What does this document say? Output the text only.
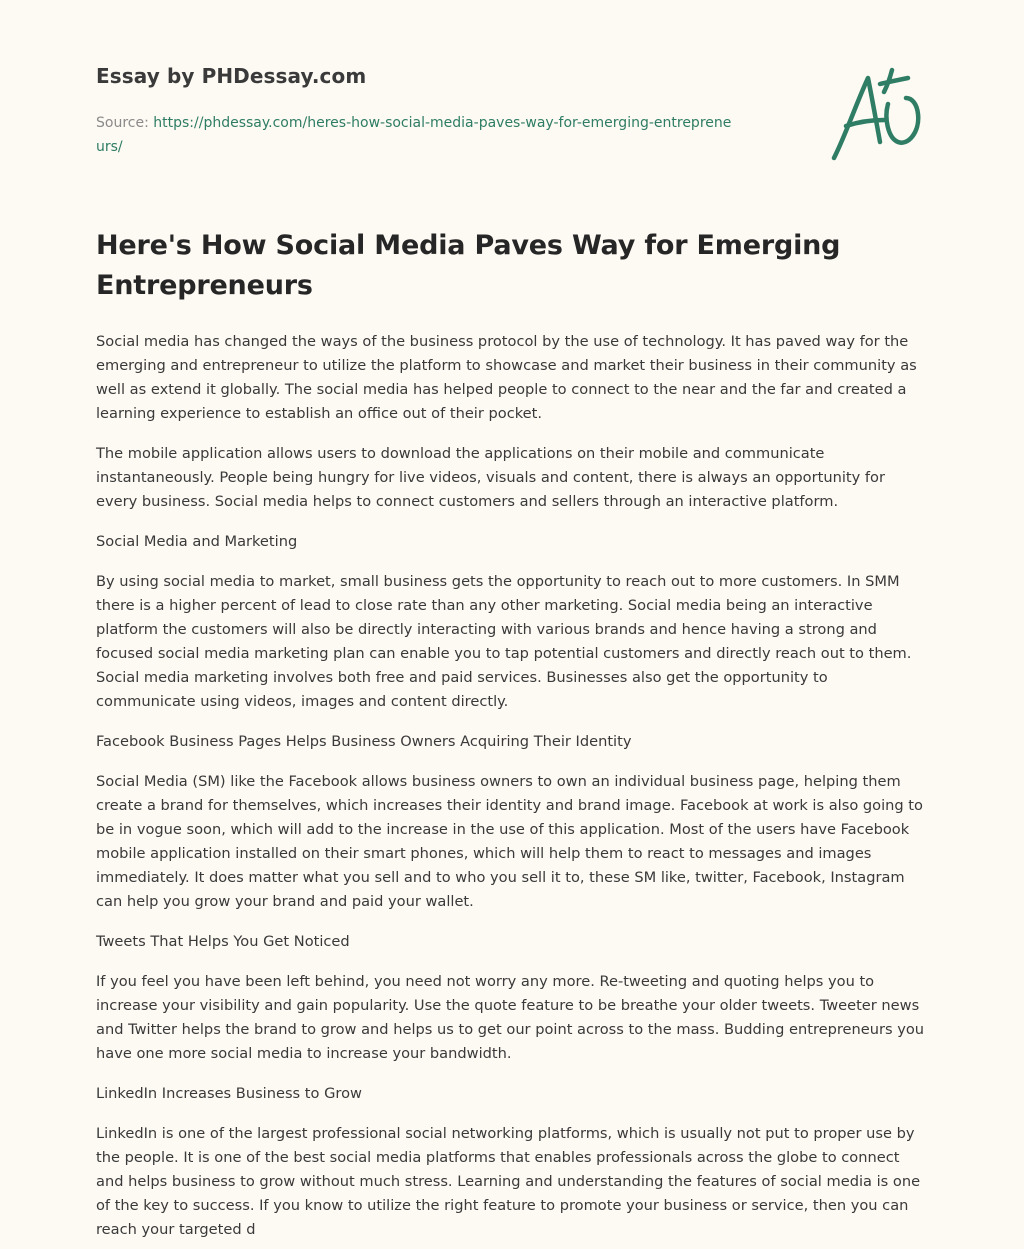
Essay by PHDessay.com
Source: https://phdessay.com/heres-how-social-media-paves-way-for-emerging-entrepreneurs/
Here's How Social Media Paves Way for Emerging Entrepreneurs

Social media has changed the ways of the business protocol by the use of technology. It has paved way for the emerging and entrepreneur to utilize the platform to showcase and market their business in their community as well as extend it globally. The social media has helped people to connect to the near and the far and created a learning experience to establish an office out of their pocket.

The mobile application allows users to download the applications on their mobile and communicate instantaneously. People being hungry for live videos, visuals and content, there is always an opportunity for every business. Social media helps to connect customers and sellers through an interactive platform.

Social Media and Marketing

By using social media to market, small business gets the opportunity to reach out to more customers. In SMM there is a higher percent of lead to close rate than any other marketing. Social media being an interactive platform the customers will also be directly interacting with various brands and hence having a strong and focused social media marketing plan can enable you to tap potential customers and directly reach out to them. Social media marketing involves both free and paid services. Businesses also get the opportunity to communicate using videos, images and content directly.

Facebook Business Pages Helps Business Owners Acquiring Their Identity

Social Media (SM) like the Facebook allows business owners to own an individual business page, helping them create a brand for themselves, which increases their identity and brand image. Facebook at work is also going to be in vogue soon, which will add to the increase in the use of this application. Most of the users have Facebook mobile application installed on their smart phones, which will help them to react to messages and images immediately. It does matter what you sell and to who you sell it to, these SM like, twitter, Facebook, Instagram can help you grow your brand and paid your wallet.

Tweets That Helps You Get Noticed

If you feel you have been left behind, you need not worry any more. Re-tweeting and quoting helps you to increase your visibility and gain popularity. Use the quote feature to be breathe your older tweets. Tweeter news and Twitter helps the brand to grow and helps us to get our point across to the mass. Budding entrepreneurs you have one more social media to increase your bandwidth.

LinkedIn Increases Business to Grow

LinkedIn is one of the largest professional social networking platforms, which is usually not put to proper use by the people. It is one of the best social media platforms that enables professionals across the globe to connect and helps business to grow without much stress. Learning and understanding the features of social media is one of the key to success. If you know to utilize the right feature to promote your business or service, then you can reach your targeted d
